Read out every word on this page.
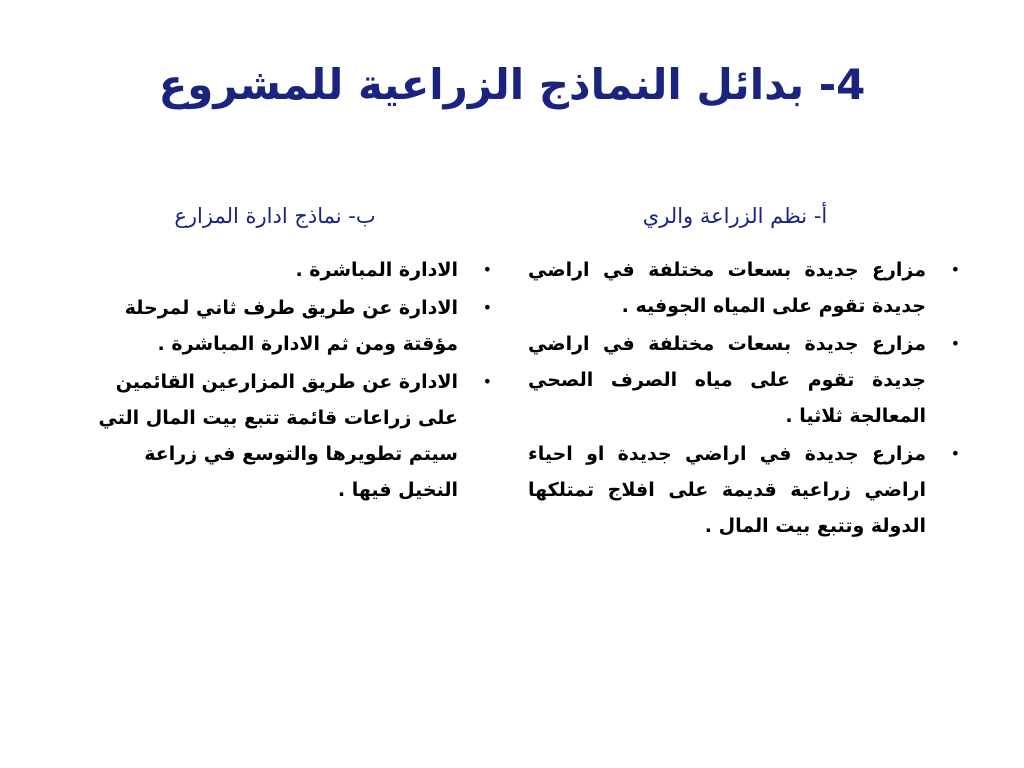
4- بدائل النماذج الزراعية للمشروع
أ- نظم الزراعة والري
•
مزارع جديدة بسعات مختلفة في اراضي جديدة تقوم على المياه الجوفيه .
•
مزارع جديدة بسعات مختلفة في اراضي جديدة تقوم على مياه الصرف الصحي المعالجة ثلاثيا .
•
مزارع جديدة في اراضي جديدة او احياء اراضي زراعية قديمة على افلاج تمتلكها الدولة وتتبع بيت المال .
ب- نماذج ادارة المزارع
•
الادارة المباشرة .
•
الادارة عن طريق طرف ثاني لمرحلة مؤقتة ومن ثم الادارة المباشرة .
•
الادارة عن طريق المزارعين القائمين على زراعات قائمة تتبع بيت المال التي سيتم تطويرها والتوسع في زراعة النخيل فيها .
